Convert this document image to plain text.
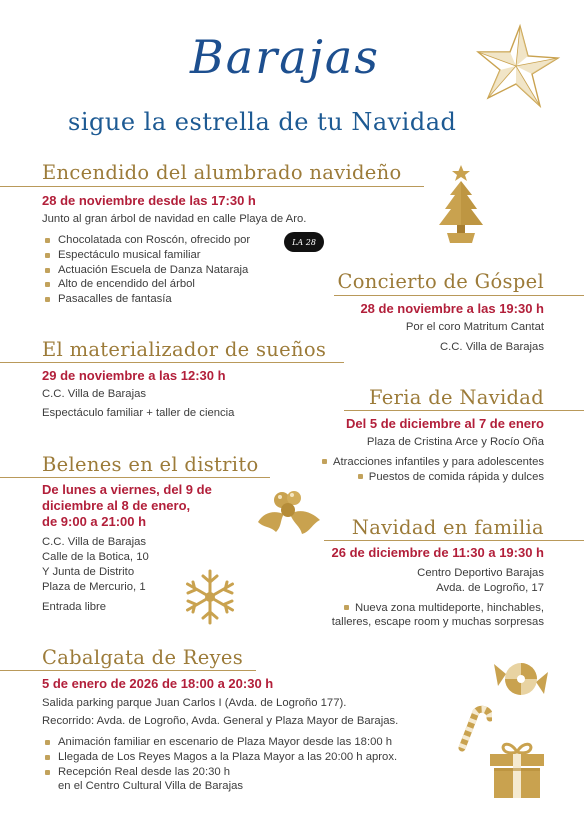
Barajas
sigue la estrella de tu Navidad
Encendido del alumbrado navideño
28 de noviembre desde las 17:30 h
Junto al gran árbol de navidad en calle Playa de Aro.
Chocolatada con Roscón, ofrecido por
Espectáculo musical familiar
Actuación Escuela de Danza Nataraja
Alto de encendido del árbol
Pasacalles de fantasía
LA 28
Concierto de Góspel
28 de noviembre a las 19:30 h
Por el coro Matritum Cantat
C.C. Villa de Barajas
El materializador de sueños
29 de noviembre a las 12:30 h
C.C. Villa de Barajas
Espectáculo familiar + taller de ciencia
Feria de Navidad
Del 5 de diciembre al 7 de enero
Plaza de Cristina Arce y Rocío Oña
Atracciones infantiles y para adolescentes
Puestos de comida rápida y dulces
Belenes en el distrito
De lunes a viernes, del 9 de
diciembre al 8 de enero,
de 9:00 a 21:00 h
C.C. Villa de Barajas
Calle de la Botica, 10
Y Junta de Distrito
Plaza de Mercurio, 1
Entrada libre
Navidad en familia
26 de diciembre de 11:30 a 19:30 h
Centro Deportivo Barajas
Avda. de Logroño, 17
Nueva zona multideporte, hinchables,
talleres, escape room y muchas sorpresas
Cabalgata de Reyes
5 de enero de 2026 de 18:00 a 20:30 h
Salida parking parque Juan Carlos I (Avda. de Logroño 177).
Recorrido: Avda. de Logroño, Avda. General y Plaza Mayor de Barajas.
Animación familiar en escenario de Plaza Mayor desde las 18:00 h
Llegada de Los Reyes Magos a la Plaza Mayor a las 20:00 h aprox.
Recepción Real desde las 20:30 h
en el Centro Cultural Villa de Barajas
